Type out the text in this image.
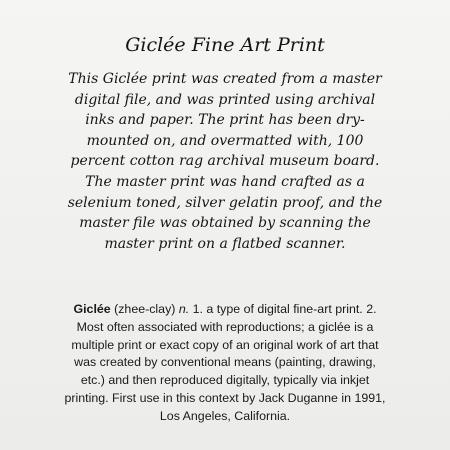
Giclée Fine Art Print
This Giclée print was created from a master
digital file, and was printed using archival
inks and paper. The print has been dry-
mounted on, and overmatted with, 100
percent cotton rag archival museum board.
The master print was hand crafted as a
selenium toned, silver gelatin proof, and the
master file was obtained by scanning the
master print on a flatbed scanner.
Giclée (zhee-clay) n. 1. a type of digital fine-art print. 2.
Most often associated with reproductions; a giclée is a
multiple print or exact copy of an original work of art that
was created by conventional means (painting, drawing,
etc.) and then reproduced digitally, typically via inkjet
printing. First use in this context by Jack Duganne in 1991,
Los Angeles, California.
